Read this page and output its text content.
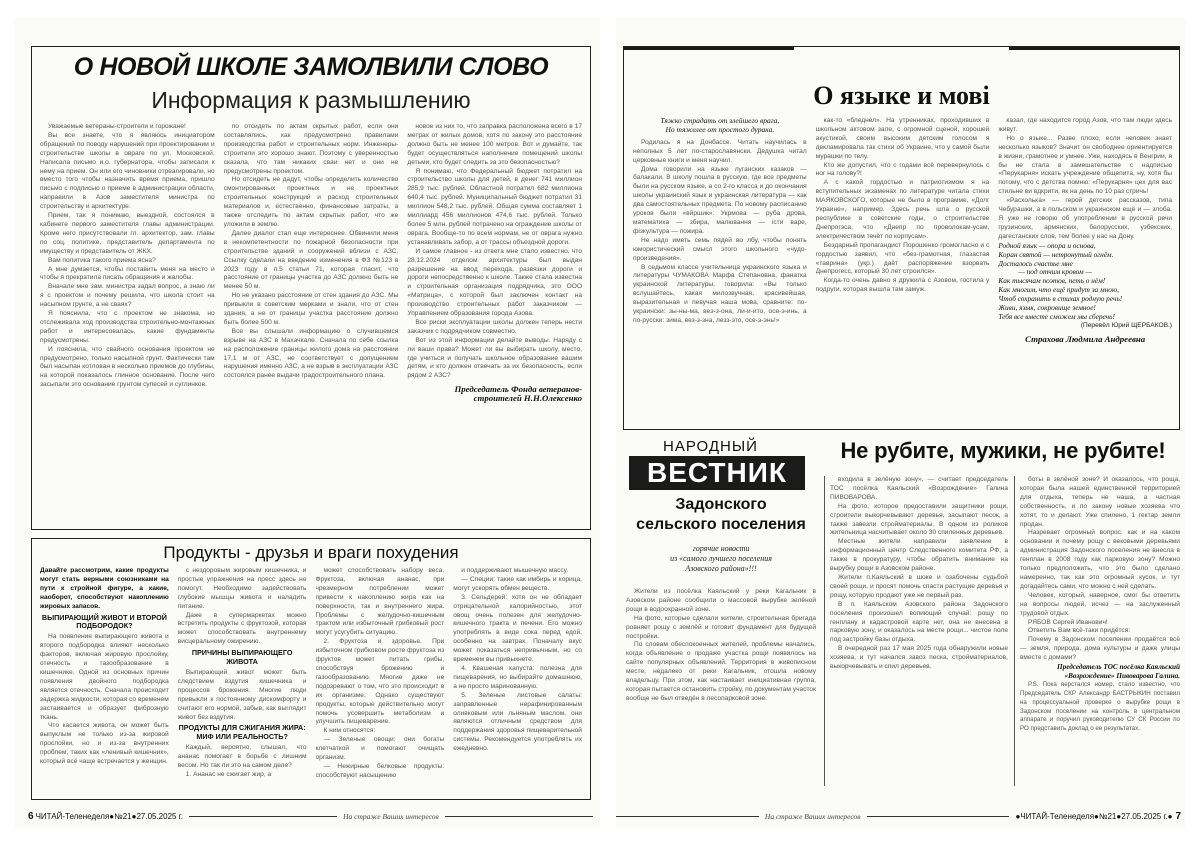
О НОВОЙ ШКОЛЕ ЗАМОЛВИЛИ СЛОВО
Информация к размышлению

Уважаемые ветераны-строители и горожане!

Вы все знаете, что я являюсь инициатором обращений по поводу нарушений при проектировании и строительстве школы в овраге по ул. Московской. Написала письмо и.о. губернатора, чтобы записали к нему на прием. Он или его чиновники отреагировали, но вместо того чтобы назначить время приема, пришло письмо с подписью о приеме в администрации области, направили в Азов заместителя министра по строительству и архитектуре.

Прием, так я понимаю, выездной, состоялся в кабинете первого заместителя главы администрации. Кроме него присутствовали гл. архитектор, зам. главы по соц. политике, представитель департамента по имуществу и представитель от ЖКХ.

Вам политика такого приема ясна?

А мне думается, чтобы поставить меня на место и чтобы я прекратила писать обращения и жалобы.

Вначале мне зам. министра задал вопрос, а знаю ли я с проектом и почему решила, что школа стоит на насыпном грунте, а не сваях?

Я пояснила, что с проектом не знакома, но отслеживала ход производства строительно-монтажных работ и интересовалась, какие фундаменты предусмотрены.

И пояснила, что свайного основания проектом не предусмотрено, только насыпной грунт. Фактически там был насыпан котлован в несколько приемов до глубины, на которой показалось глинное основание. После чего засыпали это основание грунтом супесей и суглинков.

по отсидеть по актам скрытых работ, если они составлялись, как предусмотрено правилами производства работ и строительных норм. Инженеры-строители это хорошо знают. Поэтому с уверенностью сказала, что там никаких сваи нет и они не предусмотрены проектом.

Но отсидеть не дадут, чтобы определить количество смонтированных проектных и не проектных строительных конструкций и расход строительных материалов и, естественно, финансовые затраты, а также отследить по актам скрытых работ, что же уложили в землю.

Далее диалог стал еще интереснее. Обвинили меня в некомпетентности по пожарной безопасности при строительстве зданий и сооружений вблизи с АЗС. Ссылку сделали на введение изменения в ФЗ №123 в 2023 году в п.5 статьи 71, которая гласит, что расстояние от границы участка до АЗС должно быть не менее 50 м.

Но не указано расстояние от стен здания до АЗС. Мы привыкли в советским мерками и знали, что от стен здания, а не от границы участка расстояние должно быть более 500 м.

Все вы слышали информацию о случившемся взрыве на АЗС в Махачкале. Сначала по себе ссылка на расположение границы жилого дома на расстоянии 17,1 м от АЗС, не соответствует с допущением нарушения именно АЗС, а не взрыв в эксплуатации АЗС состоялся ранее выдачи градостроительного плана.

новое из них то, что заправка расположена всего в 17 метрах от жилых домов, хотя по закону это расстояние должно быть не менее 100 метров. Вот и думайте, так будет осуществляться наполнение помещений школы детьми, кто будет следить за это безопасностью?

Я понимаю, что Федеральный бюджет потратил на строительство школы для детей, в денег 741 миллион 285,9 тыс. рублей. Областной потратил 682 миллиона 640,4 тыс. рублей. Муниципальный бюджет потратил 31 миллион 548,2 тыс. рублей. Общая сумма составляет 1 миллиард 456 миллионов 474,6 тыс. рублей. Только более 5 млн. рублей потрачено на ограждение школы от оврага. Вообще-то по всем нормам, не от оврага нужно устанавливать забор, а от трассы объездной дороги.

И самое главное - из ответа мне стало известно, что 28.12.2024 отделом архитектуры был выдан разрешение на ввод перехода, развязки дороги и дороги непосредственно к школе. Также стала известна и строительная организация подрядчика, это ООО «Матрица», с которой был заключен контакт на производство строительных работ заказчиком — Управлением образования города Азова.

Все риски эксплуатации школы должен теперь нести заказчик с подрядчиком совместно.

Вот из этой информации делайте выводы. Наряду с ли ваши права? Может ли вы выбирать школу, место, где учиться и получать школьное образование вашим детям, и кто должен отвечать за их безопасность, если рядом 2 АЗС?

Председатель Фонда ветеранов-строителей Н.Н.Олексенко

Продукты - друзья и враги похудения

Давайте рассмотрим, какие продукты могут стать верными союзниками на пути к стройной фигуре, а какие, наоборот, способствуют накоплению жировых запасов.

ВЫПИРАЮЩИЙ ЖИВОТ И ВТОРОЙ ПОДБОРОДОК?

На появление выпирающего живота и второго подбородка влияют несколько факторов, включая жировую прослойку, отечность и газообразование в кишечнике. Одной из основных причин появления двойного подбородка является отечность. Сначала происходит задержка жидкости, которая со временем застаивается и образует фиброзную ткань.

Что касается живота, он может быть выпуклым не только из-за жировой прослойки, но и из-за внутренних проблем, таких как «ленивый кишечник», который всё чаще встречается у женщин.

с нездоровым жировым кишечника, и простые упражнения на пресс здесь не помогут. Необходимо задействовать глубокие мышцы живота и наладить питание.

Даже в супермаркетах можно встретить продукты с фруктозой, которая может способствовать внутреннему висцеральному ожирению.

ПРИЧИНЫ ВЫПИРАЮЩЕГО ЖИВОТА

Выпирающий живот может быть следствием вздутия кишечника и процессов брожения. Многие люди привыкли к постоянному дискомфорту и считают его нормой, забыв, как выглядит живот без вздутия.

ПРОДУКТЫ ДЛЯ СЖИГАНИЯ ЖИРА: МИФ ИЛИ РЕАЛЬНОСТЬ?

Каждый, вероятно, слышал, что ананас помогает в борьбе с лишним весом. Но так ли это на самом деле?

1. Ананас не сжигает жир, а

может способствовать набору веса. Фруктоза, включая ананас, при чрезмерном потреблении может привести к накоплению жира как на поверхности, так и внутреннего жира. Проблемы с желудочно-кишечным трактом или избыточный грибковый рост могут усугубить ситуацию.

2. Фруктоза и здоровье. При избыточном грибковом росте фруктоза из фруктов может питать грибы, способствуя брожению и газообразованию. Многие даже не подозревают о том, что это происходит в их организме. Однако существуют продукты, которые действительно могут помочь усовершить метаболизм и улучшить пищеварение.

К ним относятся:

— Зеленые овощи: они богаты клетчаткой и помогают очищать организм.

— Нежирные белковые продукты: способствуют насыщению

и поддерживают мышечную массу.

— Специи: такие как имбирь и корица, могут ускорять обмен веществ.

3. Сельдерей: хотя он не обладает отрицательной калорийностью, этот овощ очень полезен для желудочно-кишечного тракта и печени. Его можно употреблять в виде сока перед едой, особенно на завтрак. Поначалу вкус может показаться непривычным, но со временем вы привыкнете.

4. Квашеная капуста: полезна для пищеварения, но выбирайте домашнюю, а не просто маринованную.

5. Зеленые листовые салаты: заправленные нерафинированным оливковым или льняным маслом, они являются отличным средством для поддержания здоровья пищеварительной системы. Рекомендуется употреблять их ежедневно.

6 ЧИТАЙ-Теленеделя●№21●27.05.2025 г.	На страже Ваших интересов
О языке и мові

Тяжко страдать от злейшего врага,

Но тяжелее от простого дурака.

Родилась я на Донбассе. Читать научилась в неполных 5 лет по-старославянски. Дедушка читал церковные книги и меня научил.

Дома говорили на языке луганских казаков — балакали. В школу пошла в русскую, где все предметы были на русском языке, а со 2-го класса и до окончания школы украинский язык и украинская литература — как два самостоятельных предмета. По новому расписанию уроков были «вйршик»: Укрмова — руба дрова, математика — збира, малювання — істи варе, фізкультура — пожира.

Не надо иметь семь пядей во лбу, чтобы понять юмористический смысл этого школьного «чудо-произведения».

В седьмом классе учительница украинского языка и литературы ЧУМАКОВА Марфа Степановна, фанатка украинской литературы, говорила: «Вы только вслушайтесь, какая милозвучная, красивейшая, выразительная и певучая наша мова, сравните: по-украински: зы-ны-ма, веэ-з-она, ли-и-ито, осе-э-инь, а по-русски: зима, вез-з-зна, лезз-это, осе-э-энь!»

как-то «бледнел». На утренниках, проходивших в школьном актовом зале, с огромной сценой, хорошей акустикой, своим высоким детским голосом я декламировала так стихи об Украине, что у самой были мурашки по телу.

Кто же допустил, что с годами всё перевернулось с ног на голову?!

А с какой гордостью и патриотизмом я на вступительных экзаменах по литературе читала стихи МАЯКОВСКОГО, которые не было в программе, «Долг Украине», например. Здесь речь шла о русской республике в советские годы, о строительстве Днепрогэса, что «Днепр по проволокам-усам, электричеством течёт по корпусам».

Бездарный пропагандист Порошенко громогласно и с гордостью заявил, что «без-грамотная, глазастая «таврина» (укр.) даёт распоряжение взорвать Днепрогесс, который 30 лет строился».

Когда-то очень давно я дружила с Азовом, гостила у подруги, которая вышла там замуж.

казал, где находится город Азов, что там люди здесь живут.

Но о языке... Разве плохо, если человек знает несколько языков? Значит он свободнее ориентируется в жизни, грамотнее и умнее. Уже, находясь в Венгрии, я бы не стала в замешательстве с надписью «Перукарня» искать учреждение общепита, ну, хотя бы потому, что с детства помню: «Перукарня» цех для вас стильне ви вдкрити, як на день по 10 раз стричь!

«Расхолька» — герой детских рассказов, типа Чебурашки, а в польском и украинском ещё и — злоба. Я уже не говорю об употреблении в русской речи грузинских, армянских, белорусских, узбекских, дагестанских слов, тем более у нас на Дону.

Родной язык — опора и основа,

Коран святой — нетронутый огнём.

Досталось счастье мне

— под отчим кровом —

Как тысячам поэтов, петь о нём!

Как многим, что ещё придут за мною,

Чтоб сохранить в стихах родную речь!

Живи, язык, сокровище земное!

Тебя все вместе сможем мы сберечь!

(Перевёл Юрий ЩЕРБАКОВ.)

Страхова Людмила Андреевна

НАРОДНЫЙ
ВЕСТНИК
Задонского
сельского поселения
горячие новости
из «самого лучшего поселения
Азовского района»!!!
Не рубите, мужики, не рубите!

Жители из посёлка Каяльский у реки Кагальник в Азовском районе сообщили о массовой вырубке зелёной рощи в водоохранной зоне.

На фото, которые сделали жители, строительная бригада ровняет рощу с землёй и готовит фундамент для будущей постройки.

По словам обеспокоенных жителей, проблемы начались, когда объявление о продаже участка рощи появилось на сайте популярных объявлений. Территория в живописном месте, недалеко от реки Кагальник, отошла новому владельцу. При этом, как настаивает инициативная группа, которая пытается остановить стройку, по документам участок вообще не был отведён в лесопарковой зоне.

входила в зелёную зону», — считает председатель ТОС посёлка Каяльский «Возрождение» Галина ПИВОВАРОВА.

На фото, которое предоставили защитники рощи, строители выкорчевывают деревья, засыпают песок, а также завезли стройматериалы. В одном из роликов жительница насчитывает около 30 спиленных деревьев.

Местные жители направили заявление в информационный центр Следственного комитета РФ, а также в прокуратуру, чтобы обратить внимание на вырубку рощи в Азовском районе.

Жители п.Каяльский в шоке и озабочены судьбой своей рощи, и просят помочь спасти растущие деревья и рощу, которую продают уже не первый раз.

В п. Каяльском Азовского района Задонского поселения произошел вопиющий случай: рощу по генплану и кадастровой карте нет, она не внесена в парковую зону, и оказалось на месте рощи... чистое поле под застройку базы отдыха.

В очередной раз 17 мая 2025 года обнаружили новые хозяева, и тут начался завоз песка, стройматериалов, выкорчевывать и спил деревьев.

боты в зелёной зоне? И оказалось, что роща, которая была нашей единственной территорией для отдыха, теперь не наша, а частная собственность, и по закону новые хозяева что хотят, то и делают. Уже спилено, 1 гектар земли продан.

Назревает огромный вопрос: как и на каком основании и почему рощу с вековыми деревьями администрация Задонского поселения не внесла в генплан в 2008 году как парковую зону? Можно только предположить, что это было сделано намеренно, так как это огромный кусок, и тут догадайтесь сами, что можно с ней сделать.

Человек, который, наверное, смог бы ответить на вопросы людей, исчез — на заслуженный трудовой отдых.

РЯБОВ Сергей Иванович!

Ответить Вам всё-таки придётся:

Почему в Задонском поселении продаётся всё — земля, природа, дома культуры и даже улицы вместе с домами?

Председатель ТОС посёлка Каяльский «Возрождение» Пивоварова Галина.

Р.S. Пока верстался номер, стало известно, что Председатель СКР Александр БАСТРЫКИН поставил на процессуальной проверке о вырубке рощи в Задонском поселении на контроль в центральном аппарате и поручил руководителю СУ СК России по РО представить доклад о ее результатах.

На страже Ваших интересов	●ЧИТАЙ-Теленеделя●№21●27.05.2025 г.● 7
